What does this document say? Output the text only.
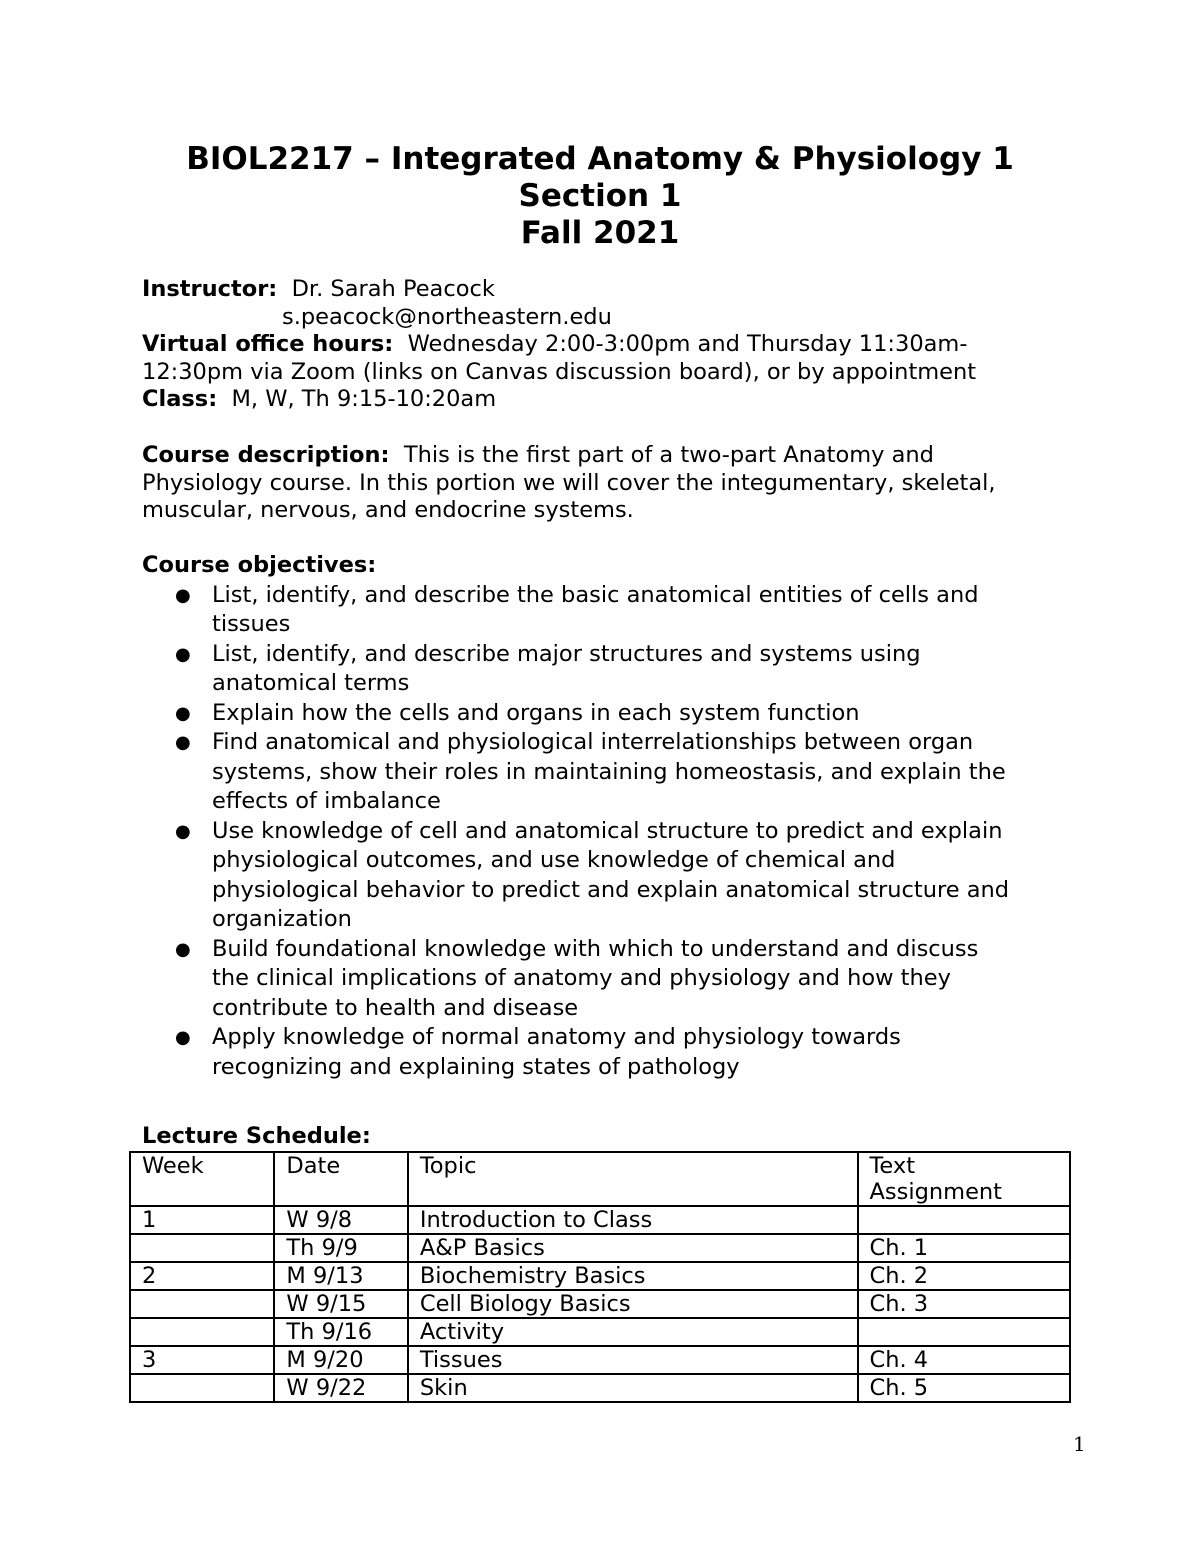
BIOL2217 – Integrated Anatomy & Physiology 1
Section 1
Fall 2021
Instructor: Dr. Sarah Peacock
s.peacock@northeastern.edu
Virtual office hours: Wednesday 2:00-3:00pm and Thursday 11:30am-
12:30pm via Zoom (links on Canvas discussion board), or by appointment
Class: M, W, Th 9:15-10:20am
Course description: This is the first part of a two-part Anatomy and
Physiology course. In this portion we will cover the integumentary, skeletal,
muscular, nervous, and endocrine systems.
Course objectives:
● List, identify, and describe the basic anatomical entities of cells and
tissues
● List, identify, and describe major structures and systems using
anatomical terms
● Explain how the cells and organs in each system function
● Find anatomical and physiological interrelationships between organ
systems, show their roles in maintaining homeostasis, and explain the
effects of imbalance
● Use knowledge of cell and anatomical structure to predict and explain
physiological outcomes, and use knowledge of chemical and
physiological behavior to predict and explain anatomical structure and
organization
● Build foundational knowledge with which to understand and discuss
the clinical implications of anatomy and physiology and how they
contribute to health and disease
● Apply knowledge of normal anatomy and physiology towards
recognizing and explaining states of pathology
Lecture Schedule:
Week	Date	Topic	Text
Assignment

1	W 9/8	Introduction to Class	
	Th 9/9	A&P Basics	Ch. 1
2	M 9/13	Biochemistry Basics	Ch. 2
	W 9/15	Cell Biology Basics	Ch. 3
	Th 9/16	Activity	
3	M 9/20	Tissues	Ch. 4
	W 9/22	Skin	Ch. 5
1
